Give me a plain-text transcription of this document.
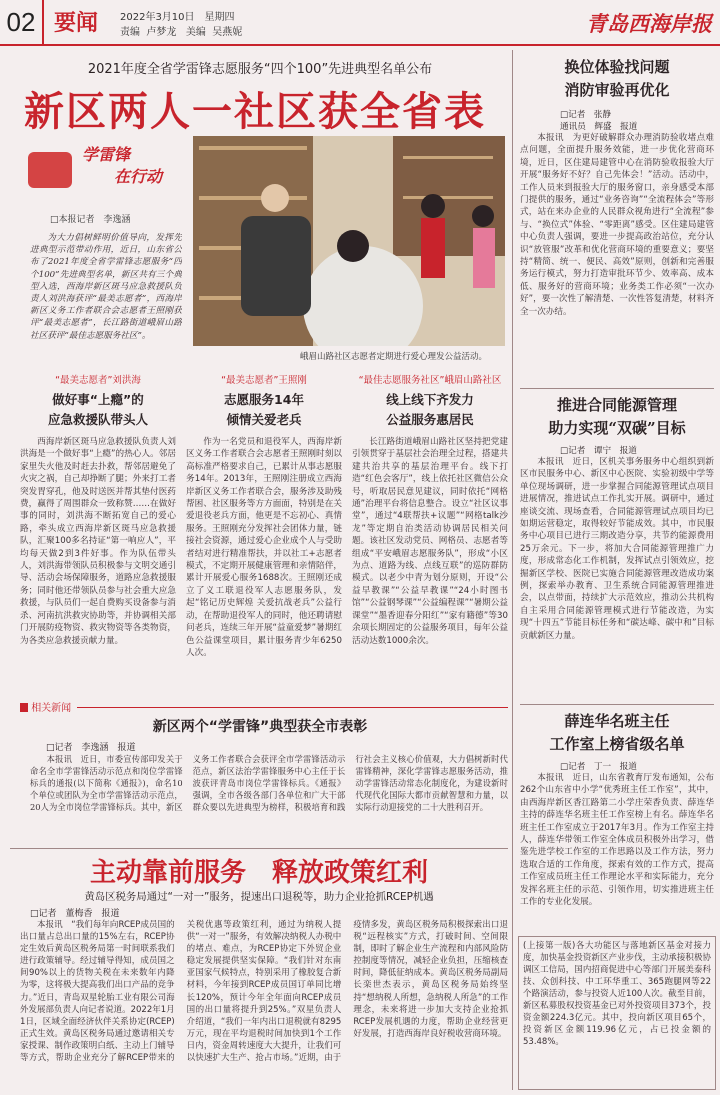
02 要闻 2022年3月10日　星期四
责编 卢梦龙 美编 吴燕妮	青岛西海岸报
2021年度全省学雷锋志愿服务“四个100”先进典型名单公布
新区两人一社区获全省表
学雷锋
在行动
□本报记者　李逸涵

为大力倡树鲜明价值导向，发挥先进典型示范带动作用，近日，山东省公布了2021年度全省学雷锋志愿服务“四个100”先进典型名单，新区共有三个典型入选，西海岸新区斑马应急救援队负责人刘洪海获评“最美志愿者”，西海岸新区义务工作者联合会志愿者王照刚获评“最美志愿者”，长江路街道峨眉山路社区获评“最佳志愿服务社区”。

峨眉山路社区志愿者定期进行爱心理发公益活动。
“最美志愿者”刘洪海
做好事“上瘾”的
应急救援队带头人

西海岸新区斑马应急救援队负责人刘洪海是一个做好事“上瘾”的热心人。邻居家里失火他及时赶去扑救，帮邻居避免了火灾之祸，自己却挣断了腿；外来打工者突发胃穿孔，他及时送医并帮其垫付医药费，赢得了周围群众一致称赞……在做好事的同时，刘洪海不断拓宽自己的爱心路，牵头成立西海岸新区斑马应急救援队，汇聚100多名持证“第一响应人”，平均每天做2到3件好事。作为队伍带头人，刘洪海带领队员积极参与文明交通引导、活动会场保障服务，道路应急救援服务；同时他还带领队员参与社会重大应急救援，与队员们一起自费购买设备参与消杀、河南抗洪救灾协助等，并协调相关部门开展防疫物资、救灾物资等各类物资，为各类应急救援贡献力量。

“最美志愿者”王照刚
志愿服务14年
倾情关爱老兵

作为一名党员和退役军人，西海岸新区义务工作者联合会志愿者王照刚时刻以高标准严格要求自己，已累计从事志愿服务14年。2013年，王照刚注册成立西海岸新区义务工作者联合会，服务涉及助残帮困、社区服务等方方面面，特别是在关爱退役老兵方面，他更是不忘初心、真情服务。王照刚充分发挥社会团体力量，链接社会资源，通过爱心企业成个人与受助者结对进行精准帮扶，并以社工+志愿者模式，不定期开展健康管理和亲情陪伴，累计开展爱心服务1688次。王照刚还成立了义工联退役军人志愿服务队，发起“铭记历史辉煌 关爱抗战老兵”公益行动，在帮助退役军人的同时，他还聘请慰问老兵，连续三年开展“益童爱梦”暑期红色公益课堂项目，累计服务青少年6250人次。

“最佳志愿服务社区”峨眉山路社区
线上线下齐发力
公益服务惠居民

长江路街道峨眉山路社区坚持把党建引领贯穿于基层社会治理全过程，搭建共建共治共享的基层治理平台。线下打造“红色会客厅”，线上依托社区微信公众号，听取居民意见建议，同时依托“网格通”治理平台将信息整合。设立“社区议事堂”，通过“4联帮扶+议题”“网格talk沙龙”等定期自治类活动协调居民相关问题。该社区发动党员、网格员、志愿者等组成“平安峨眉志愿服务队”，形成“小区为点、道路为线、点线互联”的巡防群防模式。以老少中青为划分原则，开设“公益早教课”“公益早教课”“24小时图书馆”“公益钢琴课”“公益编程课”“暑期公益课堂”“墨香迎春分阳红”“家有籍德”等30余项长期固定的公益服务项目，每年公益活动达数1000余次。

相关新闻
新区两个“学雷锋”典型获全市表彰
□记者　李逸涵　报道

本报讯　近日，市委宣传部印发关于命名全市学雷锋活动示范点和岗位学雷锋标兵的通报(以下简称《通报》)，命名10个单位或团队为全市学雷锋活动示范点，20人为全市岗位学雷锋标兵。其中，新区义务工作者联合会获评全市学雷锋活动示范点，新区法治学雷锋服务中心主任于长波获评青岛市岗位学雷锋标兵。《通报》强调，全市各级各部门各单位和广大干部群众要以先进典型为榜样，积极培育和践行社会主义核心价值观，大力倡树新时代雷锋精神，深化学雷锋志愿服务活动，推动学雷锋活动常态化制度化，为建设新时代现代化国际大都市贡献智慧和力量，以实际行动迎接党的二十大胜利召开。

主动靠前服务　释放政策红利
黄岛区税务局通过“一对一”服务，提速出口退税等，助力企业抢抓RCEP机遇
□记者　董梅香　报道

本报讯　“我们每年向RCEP成员国的出口量占总出口量的15%左右，RCEP协定生效后黄岛区税务局第一时间联系我们进行政策辅导。经过辅导得知，成员国之间90%以上的货物关税在未来数年内降为零，这将极大提高我们出口产品的竞争力。”近日，青岛双星轮胎工业有限公司海外发展部负责人向记者说道。2022年1月1日，区域全面经济伙伴关系协定(RCEP)正式生效。黄岛区税务局通过邀请相关专家授课、制作政策明白纸、主动上门辅导等方式，帮助企业充分了解RCEP带来的关税优惠等政策红利，通过为纳税人提供“一对一”服务，有效解决纳税人办税中的堵点、难点，为RCEP协定下外贸企业稳定发展提供坚实保障。“我们针对东南亚国家气候特点，特别采用了橡胶复合新材料，今年接到RCEP成员国订单同比增长120%，预计今年全年面向RCEP成员国的出口量将提升到25%。”双星负责人介绍道，“我们一年内出口退税就有8295万元，现在平均退税时间加快到1个工作日内，资金周转速度大大提升，让我们可以快速扩大生产、抢占市场。”近期，由于疫情多发，黄岛区税务局积极探索出口退税“远程核实”方式，打破时间、空间限制，即时了解企业生产流程和内部风险防控制度等情况，减轻企业负担，压缩核查时间，降低征纳成本。黄岛区税务局副局长栾世杰表示，黄岛区税务局始终坚持“想纳税人所想，急纳税人所急”的工作理念，未来将进一步加大支持企业抢抓RCEP发展机遇的力度，帮助企业经营更好发展，打造西海岸良好税收营商环境。

换位体验找问题
消防审验再优化
□记者　张静
通讯员　辉盛　报道

本报讯　为更好破解群众办理消防验收堵点难点问题，全面提升服务效能，进一步优化营商环境，近日，区住建局建管中心在消防验收报验大厅开展“服务好不好？自己先体会！”活动。活动中，工作人员来到报验大厅的服务窗口，亲身感受本部门提供的服务，通过“业务咨询”“全流程体会”等形式，站在来办企业的人民群众视角进行“全流程”参与、“换位式”体验、“零距离”感受。区住建局建管中心负责人强调，要进一步提高政治站位，充分认识“放管服”改革和优化营商环境的重要意义；要坚持“精简、统一、便民、高效”原则，创新和完善服务运行模式，努力打造审批环节少、效率高、成本低、服务好的营商环境；业务类工作必须“一次办好”，要一次性了解清楚、一次性答复清楚，材料齐全一次办结。

推进合同能源管理
助力实现“双碳”目标
□记者　谭宁　报道

本报讯　近日，区机关事务服务中心组织到新区市民服务中心、新区中心医院、实验初级中学等单位现场调研，进一步掌握合同能源管理试点项目进展情况，推进试点工作扎实开展。调研中，通过座谈交流、现场查看，合同能源管理试点项目均已如期运营稳定，取得较好节能成效。其中，市民服务中心项目已进行三期改造分享，共节约能源费用25万余元。下一步，将加大合同能源管理推广力度，形成常态化工作机制，发挥试点引领效应，挖掘新区学校、医院已实施合同能源管理改造成功案例，探索举办教育、卫生系统合同能源管理推进会，以点带面，持续扩大示范效应，推动公共机构自主采用合同能源管理模式进行节能改造，为实现“十四五”节能目标任务和“碳达峰、碳中和”目标贡献新区力量。

薛连华名班主任
工作室上榜省级名单
□记者　丁一　报道

本报讯　近日，山东省教育厅发布通知，公布262个山东省中小学“优秀班主任工作室”，其中，由西海岸新区香江路第二小学庄荣香负责、薛连华主持的薛连华名班主任工作室榜上有名。薛连华名班主任工作室成立于2017年3月。作为工作室主持人，薛连华带领工作室全体成员积极外出学习，借鉴先进学校工作室的工作思路以及工作方法，努力选取合适的工作角度，探索有效的工作方式，提高工作室成员班主任工作理论水平和实际能力，充分发挥名班主任的示范、引领作用，切实推进班主任工作的专业化发展。

(上接第一版)各大功能区与落地新区基金对接力度，加快基金投资新区产业步伐，主动承接积极协调区工信局，国内招商促进中心等部门开展美泰科技、众创科技、中工环华重工、365跑腿网等22个路演活动，参与投资人近100人次。截至目前，新区私募股权投资基金已对外投资项目373个，投资金额224.3亿元。其中，投向新区项目65个，投资新区金额119.96亿元，占已投金额的53.48%。
